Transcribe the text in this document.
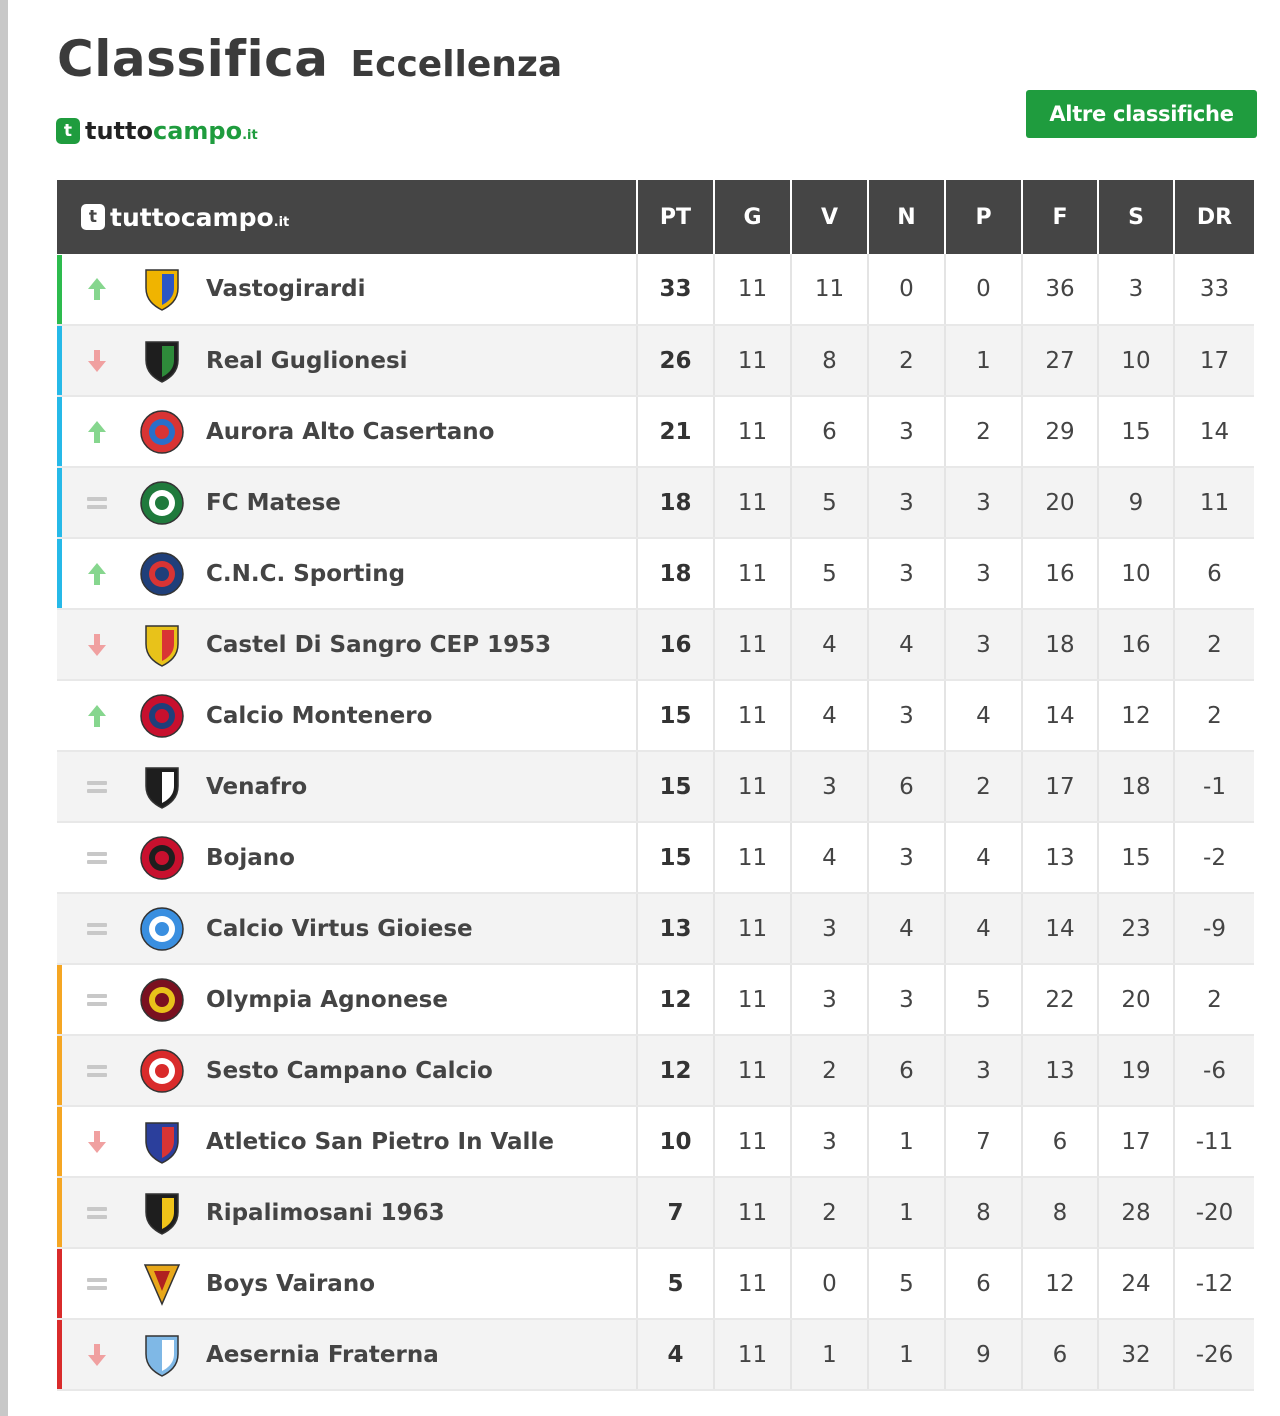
Classifica Eccellenza
t tuttocampo.it
Altre classifiche
t tuttocampo.it	PT	G	V	N	P	F	S	DR

Vastogirardi	33	11	11	0	0	36	3	33

Real Guglionesi	26	11	8	2	1	27	10	17

Aurora Alto Casertano	21	11	6	3	2	29	15	14

FC Matese	18	11	5	3	3	20	9	11

C.N.C. Sporting	18	11	5	3	3	16	10	6

Castel Di Sangro CEP 1953	16	11	4	4	3	18	16	2

Calcio Montenero	15	11	4	3	4	14	12	2

Venafro	15	11	3	6	2	17	18	-1

Bojano	15	11	4	3	4	13	15	-2

Calcio Virtus Gioiese	13	11	3	4	4	14	23	-9

Olympia Agnonese	12	11	3	3	5	22	20	2

Sesto Campano Calcio	12	11	2	6	3	13	19	-6

Atletico San Pietro In Valle	10	11	3	1	7	6	17	-11

Ripalimosani 1963	7	11	2	1	8	8	28	-20

Boys Vairano	5	11	0	5	6	12	24	-12

Aesernia Fraterna	4	11	1	1	9	6	32	-26
